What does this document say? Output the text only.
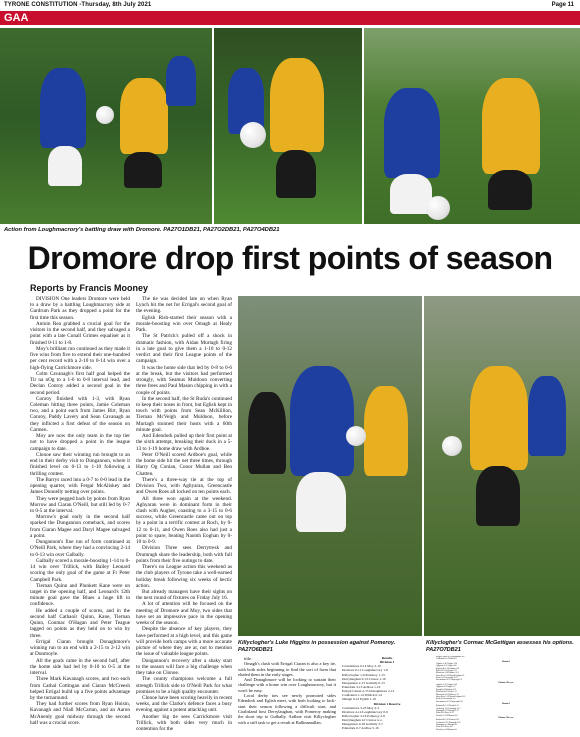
TYRONE CONSTITUTION -Thursday, 8th July 2021	Page 11
GAA
Action from Loughmacrory's battling draw with Dromore. PA27O1DB21, PA27O2DB21, PA27O4DB21
Dromore drop first points of season
Reports by Francis Mooney

DIVISION One leaders Dromore were held to a draw by a battling Loughmacrory side at Gardrum Park as they dropped a point for the first time this season.

Antoin Rea grabbed a crucial goal for the visitors in the second half, and they salvaged a point with a late Conall Grimes equaliser as it finished 0-11 to 1-8.

Moy's brilliant run continued as they made it five wins from five to extend their one-hundred per cent record with a 2-10 to 0-14 win over a high-flying Carrickmore side.

Colm Cavanagh's first half goal helped the Tir na nOg to a 1-6 to 0-8 interval lead, and Declan Conroy added a second goal in the second period.

Conroy finished with 1-3, with Ryan Coleman hitting three points, Jamie Coleman two, and a point each from James Birt, Ryan Conroy, Paddy Lavery and Sean Cavanagh as they inflicted a first defeat of the season on Carmen.

Moy are now the only team in the top tier not to have dropped a point in the league campaign to date.

Clonoe saw their winning run brought to an end in their derby visit to Dungannon, where it finished level on 0-13 to 1-10 following a thrilling contest.

The Barrys raced into a 0-7 to 0-0 lead in the opening quarter, with Fergal McAliskey and James Donnelly netting over points.

They were pegged back by points from Ryan Morrow and Ciaran O'Neill, but still led by 0-7 to 0-5 at the interval.

Morrow's goal early in the second half sparked the Dungannon comeback, and scores from Ciaran Magee and Daryl Magee salvaged a point.

Dungannon's fine run of form continued at O'Neill Park, where they had a convincing 2-14 to 0-13 win over Galbally.

Galbally scored a morale-boosting 1-14 to 0-14 win over Trillick, with Bailey Leonard scoring the only goal of the game at Fr Peter Campbell Park.

Tiernan Quinn and Plunkett Kane were on target in the opening half, and Leonard's 12th minute goal gave the Blues a huge lift in confidence.

He added a couple of scores, and in the second half Cathaoir Quinn, Kane, Tiernan Quinn, Conmac O'Hagan and Peter Teague tagged on points as they held on to win by three.

Errigal Ciaran brought Donaghmore's winning run to an end with a 2-15 to 2-12 win at Dunmoyle.

All the goals came in the second half, after the home side had led by 0-10 to 0-5 at the interval.

Three Mark Kavanagh scores, and two each from Cathal Cottingan and Ciaran McCreesh helped Errigal build up a five points advantage by the turnaround.

They had further scores from Ryan Hoisin, Kavanagh and Niall McCartan, and an Aaron McAnenly goal midway through the second half was a crucial score.

The tie was decided late on when Ryan Lynch hit the net for Errigal's second goal of the evening.

Eglish Rish-started their season with a morale-boosting win over Omagh at Healy Park.

The St Patrick's pulled off a shock in dramatic fashion, with Aidan Murtagh firing in a late goal to give them a 1-10 to 0-12 verdict and their first League points of the campaign.

It was the home side that led by 0-8 to 0-6 at the break, but the visitors had performed strongly, with Seamus Muldoon converting three frees and Paul Mason chipping in with a couple of points.

In the second half, the St Ruda's continued to keep their noses in front, but Eglish kept in touch with points from Sean McKillion, Tiernan McVeigh and Muldoon, before Murtagh stunned their hosts with a 60th minute goal.

And Edendork pulled up their first point at the sixth attempt, breaking their duck in a 5-13 to 1-19 home draw with Ardboe.

Peter O'Neill scored Ardboe's goal, while the home side hit the net three times, through Harry Og Conlan, Conor Mullan and Ben Chatten.

There's a three-way tie at the top of Division Two, with Aghyaran, Greencastle and Owen Roes all locked on ten points each.

All three won again at the weekend. Aghyaran were in dominant form in their clash with Augher, coasting to a 3-15 to 0-6 success, while Greencastle came out on top by a point in a terrific contest at Roch, by 0-12 to 0-11, and Owen Roes also had just a point to spare, beating Naomh Eoghan by 0-10 to 0-9.

Division Three sees Derrytresk and Drumragh share the leadership, both with full points from their five outings to date.

There's no League action this weekend as the club players of Tyrone take a well-earned holiday break following six weeks of hectic action.

But already managers have their sights on the next round of fixtures on Friday July 16.

A lot of attention will be focused on the meeting of Dromore and Moy, two sides that have set an impressive pace in the opening weeks of the season.

Despite the absence of key players, they have performed at a high level, and this game will provide both camps with a more accurate picture of where they are at, not to mention the issue of valuable league points.

Dungannon's recovery after a shaky start to the season will face a big challenge when they take on Clonoe.

The county champions welcome a full strength Trillick side to O'Neill Park for what promises to be a high quality encounter.

Clonoe have been scoring heavily in recent weeks, and the Clarke's defence faces a busy evening against a potent attacking unit.

Another big tie sees Carrickmore visit Trillick, with both sides very much in contention for the

Killyclogher's Luke Higgins in possession against Pomeroy. PA27O6DB21
Killyclogher's Cormac McGettigan assesses his options. PA27O7DB21

title.

Omagh's clash with Errigal Ciaran is also a key tie, with both sides beginning to find the sort of form that eluded them in the early stages.

And Donaghmore will be looking to sustain their challenge with a home win over Loughmacrory, but it won't be easy.

Local derby ties see newly promoted sides Edendork and Eglish meet, with both looking to kick-start their season following a difficult start, and Coalisland host Derrylaughan, with Pomeroy making the short trip to Gulbally. Ardboe visit Killyclogher with a stiff task to get a result at Ballinamallan.

Results
Division 1
Carrickmore 0-14 Moy 2-10
Dromore 0-11 Loughmacrory 1-8
Killyclogher 1-9 Pomeroy 1-15
Derrylaughan 0-13 Clonoe 1-10
Dungannon 2-13 Galbally 0-13
Edendork 3-13 Ardboe 1-19
Errigal Ciaran 2-15 Donaghmore 2-12
Coalisland 1-14 Trillick 0-14
Omagh 0-12 Eglish 1-10
Division 1 Reserve
Carrickmore 3-23 Moy 2-3
Dromore 4-14 Loughmacrory 0-9
Killyclogher 3-16 Pomeroy 2-9
Derrylaughan d-f Clonoe w-o
Dungannon 0-18 Galbally 3-7
Edendork 0-7 Ardboe 5-16
Errigal Ciaran 4-12 Donaghmore 4-6
Coalisland w-o Trillick d-f
Division 2
Aghaloo 1-16 Clogher 2-10
Aghyaran 3-15 Augher 0-6
Brackaville 2-14 Strabane 0-6
Killeeshil 1-14 Gortin 2-13
Moortown 1-18 Kildress 3-15
Owen Roes 0-10 Naomh Eoghan 0-9
Rock 0-11 Greencastle 0-12
Stewartstown 0-12 Tattyreagh 1-9
Division 2 Reserve
Aghaloo 2-12 Clogher 0-10
Aghyaran 3-6 Augher 1-7
Brough 0-14 Strabane 0-9
Killeeshil 4-19 Gortin 1-11
Moortown 0-11 Kildress 1-12
Owen Roes 1-10 Naomh Eoghan 6-10
Rock d-f Greencastle w-o
Stewartstown 0-13 Tattyreagh 0-12
Division 3
Brackaville 1-11 Beragh 2-15
Castlederg 1-11 Drumragh 1-13
Drumquin 3-11 Brocagh 3-15
Eskra 0-16 Urney 0-13
Gleneffy 3-15 Killyman 0-8
Division 3 Reserve
Brackaville 3-19 Pomroa 0-12
Coolstown 0-12 Drumragh 0-11
Drumquin w-o Brocagh d-f
Eskra 6-20 Urney 0-6
Gleneffy w-o Killyman d-f
